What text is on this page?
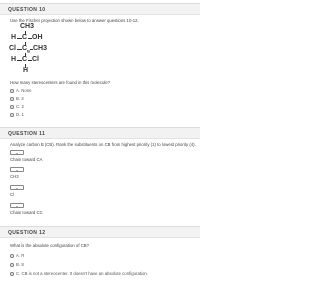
QUESTION 10
Use the Fischer projection shown below to answer questions 10-12.
CH3
H C OH
Cl $C_B$ CH3
H C Cl
H
How many stereocenters are found in this molecule?
A. None
B. 3
C. 2
D. 1
QUESTION 11
Analyze carbon B (CB). Rank the substituents on CB from highest priority (1) to lowest priority (4).
⌄
Chain toward CA
⌄
CH3
⌄
Cl
⌄
Chain toward CC
QUESTION 12
What is the absolute configuration of CB?
A. R
B. S
C. CB is not a stereocenter. It doesn't have an absolute configuration.
